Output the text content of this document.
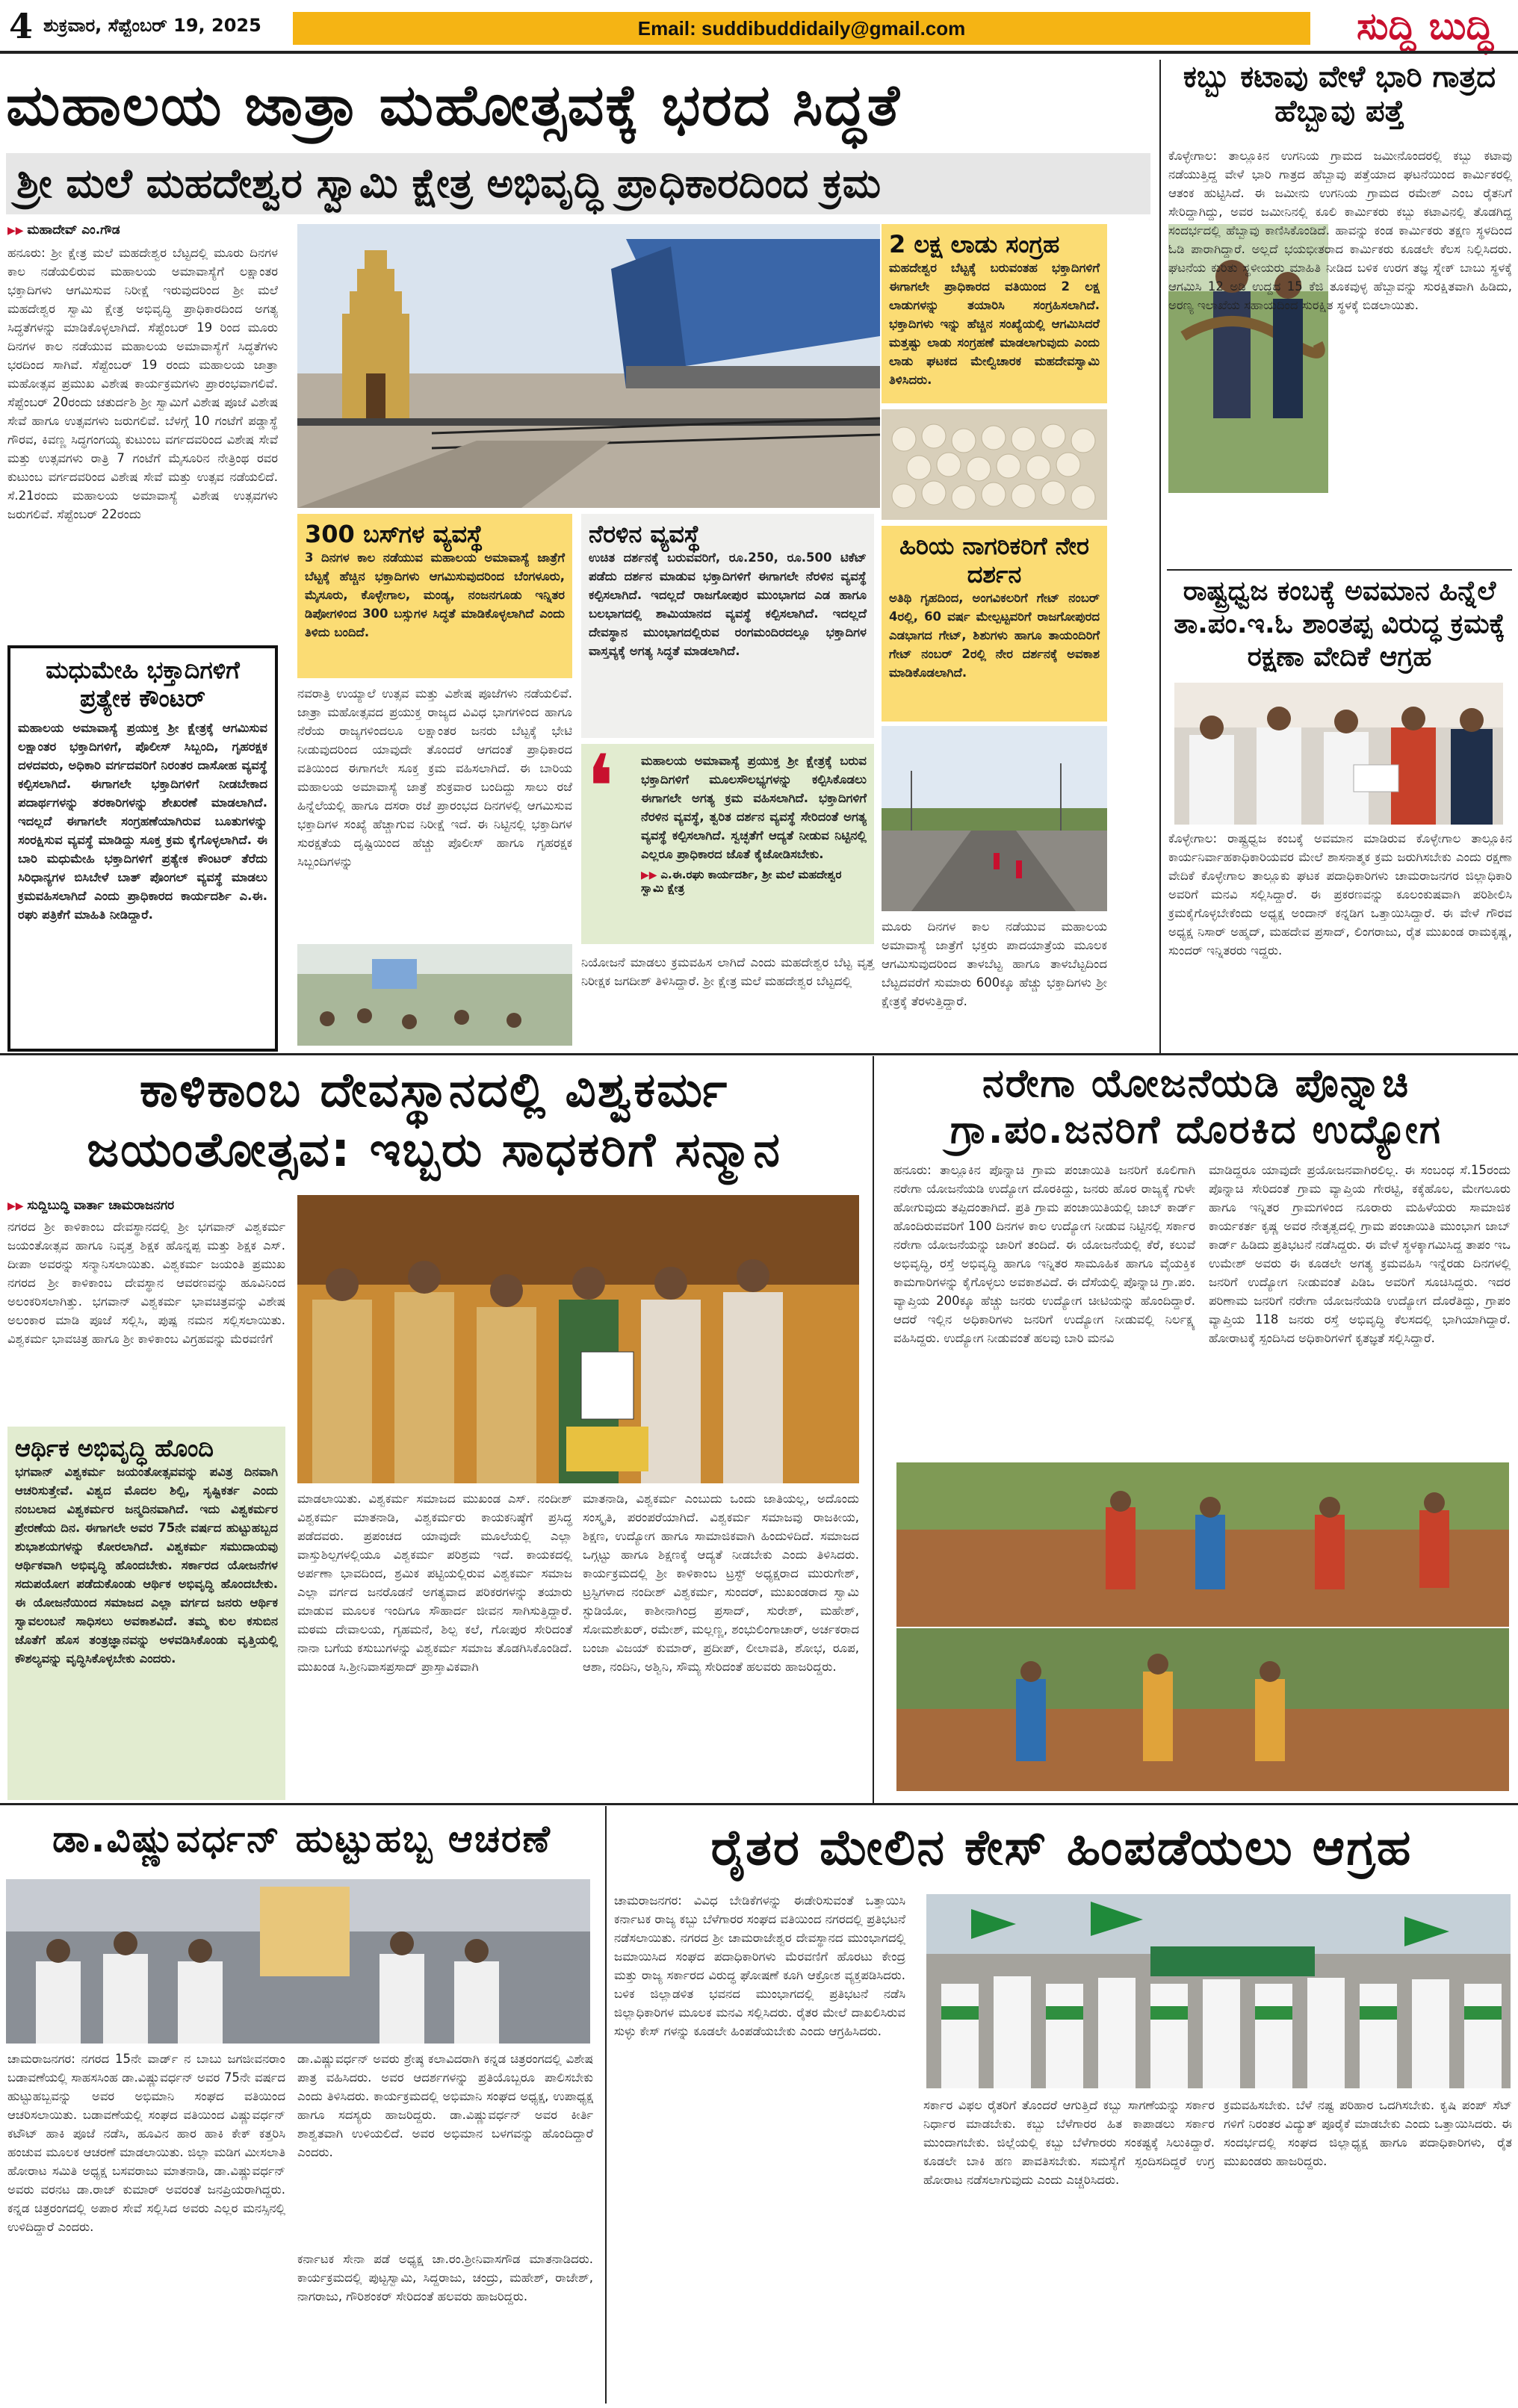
4 ಶುಕ್ರವಾರ, ಸೆಪ್ಟೆಂಬರ್ 19, 2025	Email: suddibuddidaily@gmail.com	ಸುದ್ದಿ ಬುದ್ಧಿ
ಮಹಾಲಯ ಜಾತ್ರಾ ಮಹೋತ್ಸವಕ್ಕೆ ಭರದ ಸಿದ್ಧತೆ
ಶ್ರೀ ಮಲೆ ಮಹದೇಶ್ವರ ಸ್ವಾಮಿ ಕ್ಷೇತ್ರ ಅಭಿವೃದ್ಧಿ ಪ್ರಾಧಿಕಾರದಿಂದ ಕ್ರಮ
▶▶ ಮಹಾದೇವ್ ಎಂ.ಗೌಡ
ಹನೂರು: ಶ್ರೀ ಕ್ಷೇತ್ರ ಮಲೆ ಮಹದೇಶ್ವರ ಬೆಟ್ಟದಲ್ಲಿ ಮೂರು ದಿನಗಳ ಕಾಲ ನಡೆಯಲಿರುವ ಮಹಾಲಯ ಅಮಾವಾಸ್ಯೆಗೆ ಲಕ್ಷಾಂತರ ಭಕ್ತಾದಿಗಳು ಆಗಮಿಸುವ ನಿರೀಕ್ಷೆ ಇರುವುದರಿಂದ ಶ್ರೀ ಮಲೆ ಮಹದೇಶ್ವರ ಸ್ವಾಮಿ ಕ್ಷೇತ್ರ ಅಭಿವೃದ್ಧಿ ಪ್ರಾಧಿಕಾರದಿಂದ ಅಗತ್ಯ ಸಿದ್ಧತೆಗಳನ್ನು ಮಾಡಿಕೊಳ್ಳಲಾಗಿದೆ. ಸೆಪ್ಟೆಂಬರ್ 19 ರಿಂದ ಮೂರು ದಿನಗಳ ಕಾಲ ನಡೆಯುವ ಮಹಾಲಯ ಅಮಾವಾಸ್ಯೆಗೆ ಸಿದ್ಧತೆಗಳು ಭರದಿಂದ ಸಾಗಿವೆ. ಸೆಪ್ಟೆಂಬರ್ 19 ರಂದು ಮಹಾಲಯ ಜಾತ್ರಾ ಮಹೋತ್ಸವ ಪ್ರಮುಖ ವಿಶೇಷ ಕಾರ್ಯಕ್ರಮಗಳು ಪ್ರಾರಂಭವಾಗಲಿವೆ. ಸೆಪ್ಟೆಂಬರ್ 20ರಂದು ಚತುರ್ದಶಿ ಶ್ರೀ ಸ್ವಾಮಿಗೆ ವಿಶೇಷ ಪೂಜೆ ವಿಶೇಷ ಸೇವೆ ಹಾಗೂ ಉತ್ಸವಗಳು ಜರುಗಲಿವೆ. ಬೆಳಗ್ಗೆ 10 ಗಂಟೆಗೆ ಪಡ್ಡಾಸ್ಥೆ ಗೌರವ, ಕಿವಣ್ಣ ಸಿದ್ಧಗಂಗಯ್ಯ ಕುಟುಂಬ ವರ್ಗದವರಿಂದ ವಿಶೇಷ ಸೇವೆ ಮತ್ತು ಉತ್ಸವಗಳು ರಾತ್ರಿ 7 ಗಂಟೆಗೆ ಮೈಸೂರಿನ ನೇತ್ರಿಂಥ ರವರ ಕುಟುಂಬ ವರ್ಗದವರಿಂದ ವಿಶೇಷ ಸೇವೆ ಮತ್ತು ಉತ್ಸವ ನಡೆಯಲಿದೆ. ಸೆ.21ರಂದು ಮಹಾಲಯ ಅಮಾವಾಸ್ಯೆ ವಿಶೇಷ ಉತ್ಸವಗಳು ಜರುಗಲಿವೆ. ಸೆಪ್ಟೆಂಬರ್ 22ರಂದು
ಮಧುಮೇಹಿ ಭಕ್ತಾದಿಗಳಿಗೆ ಪ್ರತ್ಯೇಕ ಕೌಂಟರ್
ಮಹಾಲಯ ಅಮಾವಾಸ್ಯೆ ಪ್ರಯುಕ್ತ ಶ್ರೀ ಕ್ಷೇತ್ರಕ್ಕೆ ಆಗಮಿಸುವ ಲಕ್ಷಾಂತರ ಭಕ್ತಾದಿಗಳಿಗೆ, ಪೊಲೀಸ್ ಸಿಬ್ಬಂದಿ, ಗೃಹರಕ್ಷಕ ದಳದವರು, ಅಧಿಕಾರಿ ವರ್ಗದವರಿಗೆ ನಿರಂತರ ದಾಸೋಹ ವ್ಯವಸ್ಥೆ ಕಲ್ಪಿಸಲಾಗಿದೆ. ಈಗಾಗಲೇ ಭಕ್ತಾದಿಗಳಿಗೆ ನೀಡಬೇಕಾದ ಪದಾರ್ಥಗಳನ್ನು ತರಕಾರಿಗಳನ್ನು ಶೇಖರಣೆ ಮಾಡಲಾಗಿದೆ. ಇದಲ್ಲದೆ ಈಗಾಗಲೇ ಸಂಗ್ರಹಣೆಯಾಗಿರುವ ಬೂತುಗಳನ್ನು ಸಂರಕ್ಷಿಸುವ ವ್ಯವಸ್ಥೆ ಮಾಡಿದ್ದು ಸೂಕ್ತ ಕ್ರಮ ಕೈಗೊಳ್ಳಲಾಗಿದೆ. ಈ ಬಾರಿ ಮಧುಮೇಹಿ ಭಕ್ತಾದಿಗಳಿಗೆ ಪ್ರತ್ಯೇಕ ಕೌಂಟರ್ ತೆರೆದು ಸಿರಿಧಾನ್ಯಗಳ ಬಿಸಿಬೇಳೆ ಬಾತ್ ಪೊಂಗಲ್ ವ್ಯವಸ್ಥೆ ಮಾಡಲು ಕ್ರಮವಹಿಸಲಾಗಿದೆ ಎಂದು ಪ್ರಾಧಿಕಾರದ ಕಾರ್ಯದರ್ಶಿ ಎ.ಈ. ರಘು ಪತ್ರಿಕೆಗೆ ಮಾಹಿತಿ ನೀಡಿದ್ದಾರೆ.
2 ಲಕ್ಷ ಲಾಡು ಸಂಗ್ರಹ
ಮಹದೇಶ್ವರ ಬೆಟ್ಟಕ್ಕೆ ಬರುವಂತಹ ಭಕ್ತಾದಿಗಳಿಗೆ ಈಗಾಗಲೇ ಪ್ರಾಧಿಕಾರದ ವತಿಯಿಂದ 2 ಲಕ್ಷ ಲಾಡುಗಳನ್ನು ತಯಾರಿಸಿ ಸಂಗ್ರಹಿಸಲಾಗಿದೆ. ಭಕ್ತಾದಿಗಳು ಇನ್ನು ಹೆಚ್ಚಿನ ಸಂಖ್ಯೆಯಲ್ಲಿ ಆಗಮಿಸಿದರೆ ಮತ್ತಷ್ಟು ಲಾಡು ಸಂಗ್ರಹಣೆ ಮಾಡಲಾಗುವುದು ಎಂದು ಲಾಡು ಘಟಕದ ಮೇಲ್ವಿಚಾರಕ ಮಹದೇವಸ್ವಾಮಿ ತಿಳಿಸಿದರು.
300 ಬಸ್‍ಗಳ ವ್ಯವಸ್ಥೆ
3 ದಿನಗಳ ಕಾಲ ನಡೆಯುವ ಮಹಾಲಯ ಅಮಾವಾಸ್ಯೆ ಜಾತ್ರೆಗೆ ಬೆಟ್ಟಕ್ಕೆ ಹೆಚ್ಚಿನ ಭಕ್ತಾದಿಗಳು ಆಗಮಿಸುವುದರಿಂದ ಬೆಂಗಳೂರು, ಮೈಸೂರು, ಕೊಳ್ಳೇಗಾಲ, ಮಂಡ್ಯ, ನಂಜನಗೂಡು ಇನ್ನಿತರ ಡಿಪೋಗಳಿಂದ 300 ಬಸ್ಸುಗಳ ಸಿದ್ಧತೆ ಮಾಡಿಕೊಳ್ಳಲಾಗಿದೆ ಎಂದು ತಿಳಿದು ಬಂದಿದೆ.
ನೆರಳಿನ ವ್ಯವಸ್ಥೆ
ಉಚಿತ ದರ್ಶನಕ್ಕೆ ಬರುವವರಿಗೆ, ರೂ.250, ರೂ.500 ಟಿಕೆಟ್ ಪಡೆದು ದರ್ಶನ ಮಾಡುವ ಭಕ್ತಾದಿಗಳಿಗೆ ಈಗಾಗಲೇ ನೆರಳಿನ ವ್ಯವಸ್ಥೆ ಕಲ್ಪಿಸಲಾಗಿದೆ. ಇದಲ್ಲದೆ ರಾಜಗೋಪುರ ಮುಂಭಾಗದ ಎಡ ಹಾಗೂ ಬಲಭಾಗದಲ್ಲಿ ಶಾಮಿಯಾನದ ವ್ಯವಸ್ಥೆ ಕಲ್ಪಿಸಲಾಗಿದೆ. ಇದಲ್ಲದೆ ದೇವಸ್ಥಾನ ಮುಂಭಾಗದಲ್ಲಿರುವ ರಂಗಮಂದಿರದಲ್ಲೂ ಭಕ್ತಾದಿಗಳ ವಾಸ್ತವ್ಯಕ್ಕೆ ಅಗತ್ಯ ಸಿದ್ಧತೆ ಮಾಡಲಾಗಿದೆ.
ಹಿರಿಯ ನಾಗರಿಕರಿಗೆ ನೇರ ದರ್ಶನ
ಅತಿಥಿ ಗೃಹದಿಂದ, ಅಂಗವಿಕಲರಿಗೆ ಗೇಟ್ ನಂಬರ್ 4ರಲ್ಲಿ, 60 ವರ್ಷ ಮೇಲ್ಪಟ್ಟವರಿಗೆ ರಾಜಗೋಪುರದ ಎಡಭಾಗದ ಗೇಟ್, ಶಿಶುಗಳು ಹಾಗೂ ತಾಯಂದಿರಿಗೆ ಗೇಟ್ ನಂಬರ್ 2ರಲ್ಲಿ ನೇರ ದರ್ಶನಕ್ಕೆ ಅವಕಾಶ ಮಾಡಿಕೊಡಲಾಗಿದೆ.
ನವರಾತ್ರಿ ಉಯ್ಯಾಲೆ ಉತ್ಸವ ಮತ್ತು ವಿಶೇಷ ಪೂಜೆಗಳು ನಡೆಯಲಿವೆ. ಜಾತ್ರಾ ಮಹೋತ್ಸವದ ಪ್ರಯುಕ್ತ ರಾಜ್ಯದ ವಿವಿಧ ಭಾಗಗಳಿಂದ ಹಾಗೂ ನೆರೆಯ ರಾಜ್ಯಗಳಿಂದಲೂ ಲಕ್ಷಾಂತರ ಜನರು ಬೆಟ್ಟಕ್ಕೆ ಭೇಟಿ ನೀಡುವುದರಿಂದ ಯಾವುದೇ ತೊಂದರೆ ಆಗದಂತೆ ಪ್ರಾಧಿಕಾರದ ವತಿಯಿಂದ ಈಗಾಗಲೇ ಸೂಕ್ತ ಕ್ರಮ ವಹಿಸಲಾಗಿದೆ. ಈ ಬಾರಿಯ ಮಹಾಲಯ ಅಮಾವಾಸ್ಯೆ ಜಾತ್ರೆ ಶುಕ್ರವಾರ ಬಂದಿದ್ದು ಸಾಲು ರಜೆ ಹಿನ್ನೆಲೆಯಲ್ಲಿ ಹಾಗೂ ದಸರಾ ರಜೆ ಪ್ರಾರಂಭದ ದಿನಗಳಲ್ಲಿ ಆಗಮಿಸುವ ಭಕ್ತಾದಿಗಳ ಸಂಖ್ಯೆ ಹೆಚ್ಚಾಗುವ ನಿರೀಕ್ಷೆ ಇದೆ. ಈ ನಿಟ್ಟಿನಲ್ಲಿ ಭಕ್ತಾದಿಗಳ ಸುರಕ್ಷತೆಯ ದೃಷ್ಟಿಯಿಂದ ಹೆಚ್ಚು ಪೊಲೀಸ್ ಹಾಗೂ ಗೃಹರಕ್ಷಕ ಸಿಬ್ಬಂದಿಗಳನ್ನು
❛ ಮಹಾಲಯ ಅಮಾವಾಸ್ಯೆ ಪ್ರಯುಕ್ತ ಶ್ರೀ ಕ್ಷೇತ್ರಕ್ಕೆ ಬರುವ ಭಕ್ತಾದಿಗಳಿಗೆ ಮೂಲಸೌಲಭ್ಯಗಳನ್ನು ಕಲ್ಪಿಸಿಕೊಡಲು ಈಗಾಗಲೇ ಅಗತ್ಯ ಕ್ರಮ ವಹಿಸಲಾಗಿದೆ. ಭಕ್ತಾದಿಗಳಿಗೆ ನೆರಳಿನ ವ್ಯವಸ್ಥೆ, ತ್ವರಿತ ದರ್ಶನ ವ್ಯವಸ್ಥೆ ಸೇರಿದಂತೆ ಅಗತ್ಯ ವ್ಯವಸ್ಥೆ ಕಲ್ಪಿಸಲಾಗಿದೆ. ಸ್ವಚ್ಛತೆಗೆ ಆದ್ಯತೆ ನೀಡುವ ನಿಟ್ಟಿನಲ್ಲಿ ಎಲ್ಲರೂ ಪ್ರಾಧಿಕಾರದ ಜೊತೆ ಕೈಜೋಡಿಸಬೇಕು.
▶▶ ಎ.ಈ.ರಘು ಕಾರ್ಯದರ್ಶಿ, ಶ್ರೀ ಮಲೆ ಮಹದೇಶ್ವರ ಸ್ವಾಮಿ ಕ್ಷೇತ್ರ
ನಿಯೋಜನೆ ಮಾಡಲು ಕ್ರಮವಹಿಸ ಲಾಗಿದೆ ಎಂದು ಮಹದೇಶ್ವರ ಬೆಟ್ಟ ವೃತ್ತ ನಿರೀಕ್ಷಕ ಜಗದೀಶ್ ತಿಳಿಸಿದ್ದಾರೆ. ಶ್ರೀ ಕ್ಷೇತ್ರ ಮಲೆ ಮಹದೇಶ್ವರ ಬೆಟ್ಟದಲ್ಲಿ
ಮೂರು ದಿನಗಳ ಕಾಲ ನಡೆಯುವ ಮಹಾಲಯ ಅಮಾವಾಸ್ಯೆ ಜಾತ್ರೆಗೆ ಭಕ್ತರು ಪಾದಯಾತ್ರೆಯ ಮೂಲಕ ಆಗಮಿಸುವುದರಿಂದ ತಾಳಬೆಟ್ಟ ಹಾಗೂ ತಾಳಬೆಟ್ಟದಿಂದ ಬೆಟ್ಟದವರೆಗೆ ಸುಮಾರು 600ಕ್ಕೂ ಹೆಚ್ಚು ಭಕ್ತಾದಿಗಳು ಶ್ರೀ ಕ್ಷೇತ್ರಕ್ಕೆ ತೆರಳುತ್ತಿದ್ದಾರೆ.
ಕಬ್ಬು ಕಟಾವು ವೇಳೆ ಭಾರಿ ಗಾತ್ರದ ಹೆಬ್ಬಾವು ಪತ್ತೆ
ಕೊಳ್ಳೇಗಾಲ: ತಾಲ್ಲೂಕಿನ ಉಗನಿಯ ಗ್ರಾಮದ ಜಮೀನೊಂದರಲ್ಲಿ ಕಬ್ಬು ಕಟಾವು ನಡೆಯುತ್ತಿದ್ದ ವೇಳೆ ಭಾರಿ ಗಾತ್ರದ ಹೆಬ್ಬಾವು ಪತ್ತೆಯಾದ ಘಟನೆಯಿಂದ ಕಾರ್ಮಿಕರಲ್ಲಿ ಆತಂಕ ಹುಟ್ಟಿಸಿದೆ. ಈ ಜಮೀನು ಉಗನಿಯ ಗ್ರಾಮದ ರಮೇಶ್ ಎಂಬ ರೈತನಿಗೆ ಸೇರಿದ್ದಾಗಿದ್ದು, ಅವರ ಜಮೀನಿನಲ್ಲಿ ಕೂಲಿ ಕಾರ್ಮಿಕರು ಕಬ್ಬು ಕಟಾವಿನಲ್ಲಿ ತೊಡಗಿದ್ದ ಸಂದರ್ಭದಲ್ಲಿ ಹೆಬ್ಬಾವು ಕಾಣಿಸಿಕೊಂಡಿದೆ. ಹಾವನ್ನು ಕಂಡ ಕಾರ್ಮಿಕರು ತಕ್ಷಣ ಸ್ಥಳದಿಂದ ಓಡಿ ಪಾರಾಗಿದ್ದಾರೆ. ಅಲ್ಲದೆ ಭಯಭೀತರಾದ ಕಾರ್ಮಿಕರು ಕೂಡಲೇ ಕೆಲಸ ನಿಲ್ಲಿಸಿದರು. ಘಟನೆಯ ಕುರಿತು ಸ್ಥಳೀಯರು ಮಾಹಿತಿ ನೀಡಿದ ಬಳಿಕ ಉರಗ ತಜ್ಞ ಸ್ನೇಕ್ ಬಾಬು ಸ್ಥಳಕ್ಕೆ ಆಗಮಿಸಿ 12 ಅಡಿ ಉದ್ದದ 15 ಕೆಜಿ ತೂಕವುಳ್ಳ ಹೆಬ್ಬಾವನ್ನು ಸುರಕ್ಷಿತವಾಗಿ ಹಿಡಿದು, ಅರಣ್ಯ ಇಲಾಖೆಯ ಸಹಾಯದಿಂದ ಸುರಕ್ಷಿತ ಸ್ಥಳಕ್ಕೆ ಬಿಡಲಾಯಿತು.
ರಾಷ್ಟ್ರಧ್ವಜ ಕಂಬಕ್ಕೆ ಅವಮಾನ ಹಿನ್ನೆಲೆ ತಾ.ಪಂ.ಇ.ಓ ಶಾಂತಪ್ಪ ವಿರುದ್ಧ ಕ್ರಮಕ್ಕೆ ರಕ್ಷಣಾ ವೇದಿಕೆ ಆಗ್ರಹ
ಕೊಳ್ಳೇಗಾಲ: ರಾಷ್ಟ್ರಧ್ವಜ ಕಂಬಕ್ಕೆ ಅವಮಾನ ಮಾಡಿರುವ ಕೊಳ್ಳೇಗಾಲ ತಾಲ್ಲೂಕಿನ ಕಾರ್ಯನಿರ್ವಾಹಕಾಧಿಕಾರಿಯವರ ಮೇಲೆ ಶಾಸನಾತ್ಮಕ ಕ್ರಮ ಜರುಗಿಸಬೇಕು ಎಂದು ರಕ್ಷಣಾ ವೇದಿಕೆ ಕೊಳ್ಳೇಗಾಲ ತಾಲ್ಲೂಕು ಘಟಕ ಪದಾಧಿಕಾರಿಗಳು ಚಾಮರಾಜನಗರ ಜಿಲ್ಲಾಧಿಕಾರಿ ಅವರಿಗೆ ಮನವಿ ಸಲ್ಲಿಸಿದ್ದಾರೆ. ಈ ಪ್ರಕರಣವನ್ನು ಕೂಲಂಕುಷವಾಗಿ ಪರಿಶೀಲಿಸಿ ಕ್ರಮಕೈಗೊಳ್ಳಬೇಕೆಂದು ಅಧ್ಯಕ್ಷ ಅಂದಾನ್ ಕನ್ನಡಿಗ ಒತ್ತಾಯಿಸಿದ್ದಾರೆ. ಈ ವೇಳೆ ಗೌರವ ಅಧ್ಯಕ್ಷ ನಿಸಾರ್ ಅಹ್ಮದ್, ಮಹದೇವ ಪ್ರಸಾದ್, ಲಿಂಗರಾಜು, ರೈತ ಮುಖಂಡ ರಾಮಕೃಷ್ಣ, ಸುಂದರ್ ಇನ್ನಿತರರು ಇದ್ದರು.
ಕಾಳಿಕಾಂಬ ದೇವಸ್ಥಾನದಲ್ಲಿ ವಿಶ್ವಕರ್ಮ ಜಯಂತೋತ್ಸವ: ಇಬ್ಬರು ಸಾಧಕರಿಗೆ ಸನ್ಮಾನ
▶▶ ಸುದ್ದಿಬುದ್ಧಿ ವಾರ್ತಾ ಚಾಮರಾಜನಗರ
ನಗರದ ಶ್ರೀ ಕಾಳಿಕಾಂಬ ದೇವಸ್ಥಾನದಲ್ಲಿ ಶ್ರೀ ಭಗವಾನ್ ವಿಶ್ವಕರ್ಮ ಜಯಂತೋತ್ಸವ ಹಾಗೂ ನಿವೃತ್ತ ಶಿಕ್ಷಕ ಹೊನ್ನಪ್ಪ ಮತ್ತು ಶಿಕ್ಷಕ ಎಸ್. ದೀಪಾ ಅವರನ್ನು ಸನ್ಮಾನಿಸಲಾಯಿತು. ವಿಶ್ವಕರ್ಮ ಜಯಂತಿ ಪ್ರಮುಖ ನಗರದ ಶ್ರೀ ಕಾಳಿಕಾಂಬ ದೇವಸ್ಥಾನ ಆವರಣವನ್ನು ಹೂವಿನಿಂದ ಅಲಂಕರಿಸಲಾಗಿತ್ತು. ಭಗವಾನ್ ವಿಶ್ವಕರ್ಮ ಭಾವಚಿತ್ರವನ್ನು ವಿಶೇಷ ಅಲಂಕಾರ ಮಾಡಿ ಪೂಜೆ ಸಲ್ಲಿಸಿ, ಪುಷ್ಪ ನಮನ ಸಲ್ಲಿಸಲಾಯಿತು. ವಿಶ್ವಕರ್ಮ ಭಾವಚಿತ್ರ ಹಾಗೂ ಶ್ರೀ ಕಾಳಿಕಾಂಬ ವಿಗ್ರಹವನ್ನು ಮೆರವಣಿಗೆ
ಆರ್ಥಿಕ ಅಭಿವೃದ್ಧಿ ಹೊಂದಿ
ಭಗವಾನ್ ವಿಶ್ವಕರ್ಮ ಜಯಂತೋತ್ಸವವನ್ನು ಪವಿತ್ರ ದಿನವಾಗಿ ಆಚರಿಸುತ್ತೇವೆ. ವಿಶ್ವದ ಮೊದಲ ಶಿಲ್ಪಿ, ಸೃಷ್ಟಿಕರ್ತ ಎಂದು ನಂಬಲಾದ ವಿಶ್ವಕರ್ಮರ ಜನ್ಮದಿನವಾಗಿದೆ. ಇದು ವಿಶ್ವಕರ್ಮರ ಪ್ರೇರಣೆಯ ದಿನ. ಈಗಾಗಲೇ ಅವರ 75ನೇ ವರ್ಷದ ಹುಟ್ಟುಹಬ್ಬದ ಶುಭಾಶಯಗಳನ್ನು ಕೋರಲಾಗಿದೆ. ವಿಶ್ವಕರ್ಮ ಸಮುದಾಯವು ಆರ್ಥಿಕವಾಗಿ ಅಭಿವೃದ್ಧಿ ಹೊಂದಬೇಕು. ಸರ್ಕಾರದ ಯೋಜನೆಗಳ ಸದುಪಯೋಗ ಪಡೆದುಕೊಂಡು ಆರ್ಥಿಕ ಅಭಿವೃದ್ಧಿ ಹೊಂದಬೇಕು. ಈ ಯೋಜನೆಯಿಂದ ಸಮಾಜದ ಎಲ್ಲಾ ವರ್ಗದ ಜನರು ಆರ್ಥಿಕ ಸ್ವಾವಲಂಬನೆ ಸಾಧಿಸಲು ಅವಕಾಶವಿದೆ. ತಮ್ಮ ಕುಲ ಕಸುಬಿನ ಜೊತೆಗೆ ಹೊಸ ತಂತ್ರಜ್ಞಾನವನ್ನು ಅಳವಡಿಸಿಕೊಂಡು ವೃತ್ತಿಯಲ್ಲಿ ಕೌಶಲ್ಯವನ್ನು ವೃದ್ಧಿಸಿಕೊಳ್ಳಬೇಕು ಎಂದರು.
ಮಾಡಲಾಯಿತು. ವಿಶ್ವಕರ್ಮ ಸಮಾಜದ ಮುಖಂಡ ಎಸ್. ನಂದೀಶ್ ವಿಶ್ವಕರ್ಮ ಮಾತನಾಡಿ, ವಿಶ್ವಕರ್ಮರು ಕಾಯಕನಿಷ್ಠೆಗೆ ಪ್ರಸಿದ್ಧ ಪಡೆದವರು. ಪ್ರಪಂಚದ ಯಾವುದೇ ಮೂಲೆಯಲ್ಲಿ ಎಲ್ಲಾ ವಾಸ್ತುಶಿಲ್ಪಗಳಲ್ಲಿಯೂ ವಿಶ್ವಕರ್ಮ ಪರಿಶ್ರಮ ಇದೆ. ಕಾಯಕದಲ್ಲಿ ಅರ್ಪಣಾ ಭಾವದಿಂದ, ಶ್ರಮಿಕ ಪಟ್ಟಿಯಲ್ಲಿರುವ ವಿಶ್ವಕರ್ಮ ಸಮಾಜ ಎಲ್ಲಾ ವರ್ಗದ ಜನರೊಡನೆ ಅಗತ್ಯವಾದ ಪರಿಕರಗಳನ್ನು ತಯಾರು ಮಾಡುವ ಮೂಲಕ ಇಂದಿಗೂ ಸೌಹಾರ್ದ ಜೀವನ ಸಾಗಿಸುತ್ತಿದ್ದಾರೆ. ಮಠಮ ದೇವಾಲಯ, ಗೃಹಮನೆ, ಶಿಲ್ಪ ಕಲೆ, ಗೋಪುರ ಸೇರಿದಂತೆ ನಾನಾ ಬಗೆಯ ಕಸುಬುಗಳನ್ನು ವಿಶ್ವಕರ್ಮ ಸಮಾಜ ತೊಡಗಿಸಿಕೊಂಡಿದೆ. ಮುಖಂಡ ಸಿ.ಶ್ರೀನಿವಾಸಪ್ರಸಾದ್ ಪ್ರಾಸ್ತಾವಿಕವಾಗಿ
ಮಾತನಾಡಿ, ವಿಶ್ವಕರ್ಮ ಎಂಬುದು ಒಂದು ಜಾತಿಯಲ್ಲ, ಅದೊಂದು ಸಂಸ್ಕೃತಿ, ಪರಂಪರೆಯಾಗಿದೆ. ವಿಶ್ವಕರ್ಮ ಸಮಾಜವು ರಾಜಕೀಯ, ಶಿಕ್ಷಣ, ಉದ್ಯೋಗ ಹಾಗೂ ಸಾಮಾಜಿಕವಾಗಿ ಹಿಂದುಳಿದಿದೆ. ಸಮಾಜದ ಒಗ್ಗಟ್ಟು ಹಾಗೂ ಶಿಕ್ಷಣಕ್ಕೆ ಆದ್ಯತೆ ನೀಡಬೇಕು ಎಂದು ತಿಳಿಸಿದರು. ಕಾರ್ಯಕ್ರಮದಲ್ಲಿ ಶ್ರೀ ಕಾಳಿಕಾಂಬ ಟ್ರಸ್ಟ್ ಅಧ್ಯಕ್ಷರಾದ ಮುರುಗೇಶ್, ಟ್ರಸ್ಟಿಗಳಾದ ನಂದೀಶ್ ವಿಶ್ವಕರ್ಮ, ಸುಂದರ್, ಮುಖಂಡರಾದ ಸ್ವಾಮಿ ಸ್ಟುಡಿಯೋ, ಕಾಶೀನಾಗಿಂದ್ರ ಪ್ರಸಾದ್, ಸುರೇಶ್, ಮಹೇಶ್, ಸೋಮಶೇಖರ್, ರಮೇಶ್, ಮಲ್ಲಣ್ಣ, ಶಂಭುಲಿಂಗಾಚಾರ್, ಅರ್ಚಕರಾದ ಬಂಜಾ ವಿಜಯ್ ಕುಮಾರ್, ಪ್ರದೀಪ್, ಲೀಲಾವತಿ, ಶೋಭ, ರೂಪ, ಆಶಾ, ನಂದಿನಿ, ಅಶ್ವಿನಿ, ಸೌಮ್ಯ ಸೇರಿದಂತೆ ಹಲವರು ಹಾಜರಿದ್ದರು.
ನರೇಗಾ ಯೋಜನೆಯಡಿ ಪೊನ್ನಾಚಿ ಗ್ರಾ.ಪಂ.ಜನರಿಗೆ ದೊರಕಿದ ಉದ್ಯೋಗ
ಹನೂರು: ತಾಲ್ಲೂಕಿನ ಪೊನ್ನಾಚಿ ಗ್ರಾಮ ಪಂಚಾಯಿತಿ ಜನರಿಗೆ ಕೂಲಿಗಾಗಿ ನರೇಗಾ ಯೋಜನೆಯಡಿ ಉದ್ಯೋಗ ದೊರಕಿದ್ದು, ಜನರು ಹೊರ ರಾಜ್ಯಕ್ಕೆ ಗುಳೇ ಹೋಗುವುದು ತಪ್ಪಿದಂತಾಗಿದೆ. ಪ್ರತಿ ಗ್ರಾಮ ಪಂಚಾಯಿತಿಯಲ್ಲಿ ಜಾಬ್ ಕಾರ್ಡ್ ಹೊಂದಿರುವವರಿಗೆ 100 ದಿನಗಳ ಕಾಲ ಉದ್ಯೋಗ ನೀಡುವ ನಿಟ್ಟಿನಲ್ಲಿ ಸರ್ಕಾರ ನರೇಗಾ ಯೋಜನೆಯನ್ನು ಜಾರಿಗೆ ತಂದಿದೆ. ಈ ಯೋಜನೆಯಲ್ಲಿ ಕೆರೆ, ಕಲುವೆ ಅಭಿವೃದ್ಧಿ, ರಸ್ತೆ ಅಭಿವೃದ್ಧಿ ಹಾಗೂ ಇನ್ನಿತರ ಸಾಮೂಹಿಕ ಹಾಗೂ ವೈಯಕ್ತಿಕ ಕಾಮಗಾರಿಗಳನ್ನು ಕೈಗೊಳ್ಳಲು ಅವಕಾಶವಿದೆ. ಈ ದೆಸೆಯಲ್ಲಿ ಪೊನ್ನಾಚಿ ಗ್ರಾ.ಪಂ. ವ್ಯಾಪ್ತಿಯ 200ಕ್ಕೂ ಹೆಚ್ಚು ಜನರು ಉದ್ಯೋಗ ಚೀಟಿಯನ್ನು ಹೊಂದಿದ್ದಾರೆ. ಆದರೆ ಇಲ್ಲಿನ ಅಧಿಕಾರಿಗಳು ಜನರಿಗೆ ಉದ್ಯೋಗ ನೀಡುವಲ್ಲಿ ನಿರ್ಲಕ್ಷ್ಯ ವಹಿಸಿದ್ದರು. ಉದ್ಯೋಗ ನೀಡುವಂತೆ ಹಲವು ಬಾರಿ ಮನವಿ
ಮಾಡಿದ್ದರೂ ಯಾವುದೇ ಪ್ರಯೋಜನವಾಗಿರಲಿಲ್ಲ. ಈ ಸಂಬಂಧ ಸೆ.15ರಂದು ಪೊನ್ನಾಚಿ ಸೇರಿದಂತೆ ಗ್ರಾಮ ವ್ಯಾಪ್ತಿಯ ಗೇರಟ್ಟಿ, ಕಕ್ಕೆಹೊಲ, ಮೇಗಲೂರು ಹಾಗೂ ಇನ್ನಿತರ ಗ್ರಾಮಗಳಿಂದ ನೂರಾರು ಮಹಿಳೆಯರು ಸಾಮಾಜಿಕ ಕಾರ್ಯಕರ್ತ ಕೃಷ್ಣ ಅವರ ನೇತೃತ್ವದಲ್ಲಿ ಗ್ರಾಮ ಪಂಚಾಯಿತಿ ಮುಂಭಾಗ ಜಾಬ್ ಕಾರ್ಡ್ ಹಿಡಿದು ಪ್ರತಿಭಟನೆ ನಡೆಸಿದ್ದರು. ಈ ವೇಳೆ ಸ್ಥಳಕ್ಕಾಗಮಿಸಿದ್ದ ತಾಪಂ ಇಒ ಉಮೇಶ್ ಅವರು ಈ ಕೂಡಲೇ ಅಗತ್ಯ ಕ್ರಮವಹಿಸಿ ಇನ್ನೆರಡು ದಿನಗಳಲ್ಲಿ ಜನರಿಗೆ ಉದ್ಯೋಗ ನೀಡುವಂತೆ ಪಿಡಿಒ ಅವರಿಗೆ ಸೂಚಿಸಿದ್ದರು. ಇದರ ಪರಿಣಾಮ ಜನರಿಗೆ ನರೇಗಾ ಯೋಜನೆಯಡಿ ಉದ್ಯೋಗ ದೊರೆತಿದ್ದು, ಗ್ರಾಪಂ ವ್ಯಾಪ್ತಿಯ 118 ಜನರು ರಸ್ತೆ ಅಭಿವೃದ್ಧಿ ಕೆಲಸದಲ್ಲಿ ಭಾಗಿಯಾಗಿದ್ದಾರೆ. ಹೋರಾಟಕ್ಕೆ ಸ್ಪಂದಿಸಿದ ಅಧಿಕಾರಿಗಳಿಗೆ ಕೃತಜ್ಞತೆ ಸಲ್ಲಿಸಿದ್ದಾರೆ.
ಡಾ.ವಿಷ್ಣುವರ್ಧನ್ ಹುಟ್ಟುಹಬ್ಬ ಆಚರಣೆ
ಚಾಮರಾಜನಗರ: ನಗರದ 15ನೇ ವಾರ್ಡ್ ನ ಬಾಬು ಜಗಜೀವನರಾಂ ಬಡಾವಣೆಯಲ್ಲಿ ಸಾಹಸಸಿಂಹ ಡಾ.ವಿಷ್ಣುವರ್ಧನ್ ಅವರ 75ನೇ ವರ್ಷದ ಹುಟ್ಟುಹಬ್ಬವನ್ನು ಅವರ ಅಭಿಮಾನಿ ಸಂಘದ ವತಿಯಿಂದ ಆಚರಿಸಲಾಯಿತು. ಬಡಾವಣೆಯಲ್ಲಿ ಸಂಘದ ವತಿಯಿಂದ ವಿಷ್ಣುವರ್ಧನ್ ಕಟೌಟ್ ಹಾಕಿ ಪೂಜೆ ನಡೆಸಿ, ಹೂವಿನ ಹಾರ ಹಾಕಿ ಕೇಕ್ ಕತ್ತರಿಸಿ ಹಂಚುವ ಮೂಲಕ ಆಚರಣೆ ಮಾಡಲಾಯಿತು. ಜಿಲ್ಲಾ ಮಡಿಗ ಮೀಸಲಾತಿ ಹೋರಾಟ ಸಮಿತಿ ಅಧ್ಯಕ್ಷ ಬಸವರಾಜು ಮಾತನಾಡಿ, ಡಾ.ವಿಷ್ಣುವರ್ಧನ್ ಅವರು ವರನಟ ಡಾ.ರಾಜ್ ಕುಮಾರ್ ಅವರಂತೆ ಜನಪ್ರಿಯರಾಗಿದ್ದರು. ಕನ್ನಡ ಚಿತ್ರರಂಗದಲ್ಲಿ ಅಪಾರ ಸೇವೆ ಸಲ್ಲಿಸಿದ ಅವರು ಎಲ್ಲರ ಮನಸ್ಸಿನಲ್ಲಿ ಉಳಿದಿದ್ದಾರೆ ಎಂದರು.
ಡಾ.ವಿಷ್ಣುವರ್ಧನ್ ಅವರು ಶ್ರೇಷ್ಠ ಕಲಾವಿದರಾಗಿ ಕನ್ನಡ ಚಿತ್ರರಂಗದಲ್ಲಿ ವಿಶೇಷ ಪಾತ್ರ ವಹಿಸಿದರು. ಅವರ ಆದರ್ಶಗಳನ್ನು ಪ್ರತಿಯೊಬ್ಬರೂ ಪಾಲಿಸಬೇಕು ಎಂದು ತಿಳಿಸಿದರು. ಕಾರ್ಯಕ್ರಮದಲ್ಲಿ ಅಭಿಮಾನಿ ಸಂಘದ ಅಧ್ಯಕ್ಷ, ಉಪಾಧ್ಯಕ್ಷ ಹಾಗೂ ಸದಸ್ಯರು ಹಾಜರಿದ್ದರು. ಡಾ.ವಿಷ್ಣುವರ್ಧನ್ ಅವರ ಕೀರ್ತಿ ಶಾಶ್ವತವಾಗಿ ಉಳಿಯಲಿದೆ. ಅವರ ಅಭಿಮಾನ ಬಳಗವನ್ನು ಹೊಂದಿದ್ದಾರೆ ಎಂದರು.
ಕರ್ನಾಟಕ ಸೇನಾ ಪಡೆ ಅಧ್ಯಕ್ಷ ಚಾ.ರಂ.ಶ್ರೀನಿವಾಸಗೌಡ ಮಾತನಾಡಿದರು. ಕಾರ್ಯಕ್ರಮದಲ್ಲಿ ಪುಟ್ಟಸ್ವಾಮಿ, ಸಿದ್ದರಾಜು, ಚಂದ್ರು, ಮಹೇಶ್, ರಾಜೇಶ್, ನಾಗರಾಜು, ಗೌರಿಶಂಕರ್ ಸೇರಿದಂತೆ ಹಲವರು ಹಾಜರಿದ್ದರು.
ರೈತರ ಮೇಲಿನ ಕೇಸ್ ಹಿಂಪಡೆಯಲು ಆಗ್ರಹ
ಚಾಮರಾಜನಗರ: ವಿವಿಧ ಬೇಡಿಕೆಗಳನ್ನು ಈಡೇರಿಸುವಂತೆ ಒತ್ತಾಯಿಸಿ ಕರ್ನಾಟಕ ರಾಜ್ಯ ಕಬ್ಬು ಬೆಳೆಗಾರರ ಸಂಘದ ವತಿಯಿಂದ ನಗರದಲ್ಲಿ ಪ್ರತಿಭಟನೆ ನಡೆಸಲಾಯಿತು. ನಗರದ ಶ್ರೀ ಚಾಮರಾಜೇಶ್ವರ ದೇವಸ್ಥಾನದ ಮುಂಭಾಗದಲ್ಲಿ ಜಮಾಯಿಸಿದ ಸಂಘದ ಪದಾಧಿಕಾರಿಗಳು ಮೆರವಣಿಗೆ ಹೊರಟು ಕೇಂದ್ರ ಮತ್ತು ರಾಜ್ಯ ಸರ್ಕಾರದ ವಿರುದ್ಧ ಘೋಷಣೆ ಕೂಗಿ ಆಕ್ರೋಶ ವ್ಯಕ್ತಪಡಿಸಿದರು. ಬಳಿಕ ಜಿಲ್ಲಾಡಳಿತ ಭವನದ ಮುಂಭಾಗದಲ್ಲಿ ಪ್ರತಿಭಟನೆ ನಡೆಸಿ ಜಿಲ್ಲಾಧಿಕಾರಿಗಳ ಮೂಲಕ ಮನವಿ ಸಲ್ಲಿಸಿದರು. ರೈತರ ಮೇಲೆ ದಾಖಲಿಸಿರುವ ಸುಳ್ಳು ಕೇಸ್ ಗಳನ್ನು ಕೂಡಲೇ ಹಿಂಪಡೆಯಬೇಕು ಎಂದು ಆಗ್ರಹಿಸಿದರು.
ಸರ್ಕಾರ ವಿಫಲ ರೈತರಿಗೆ ತೊಂದರೆ ಆಗುತ್ತಿದೆ ಕಬ್ಬು ಸಾಗಣೆಯನ್ನು ಸರ್ಕಾರ ನಿರ್ಧಾರ ಮಾಡಬೇಕು. ಕಬ್ಬು ಬೆಳೆಗಾರರ ಹಿತ ಕಾಪಾಡಲು ಸರ್ಕಾರ ಮುಂದಾಗಬೇಕು. ಜಿಲ್ಲೆಯಲ್ಲಿ ಕಬ್ಬು ಬೆಳೆಗಾರರು ಸಂಕಷ್ಟಕ್ಕೆ ಸಿಲುಕಿದ್ದಾರೆ. ಕೂಡಲೇ ಬಾಕಿ ಹಣ ಪಾವತಿಸಬೇಕು. ಸಮಸ್ಯೆಗೆ ಸ್ಪಂದಿಸದಿದ್ದರೆ ಉಗ್ರ ಹೋರಾಟ ನಡೆಸಲಾಗುವುದು ಎಂದು ಎಚ್ಚರಿಸಿದರು.
ಕ್ರಮವಹಿಸಬೇಕು. ಬೆಳೆ ನಷ್ಟ ಪರಿಹಾರ ಒದಗಿಸಬೇಕು. ಕೃಷಿ ಪಂಪ್ ಸೆಟ್ ಗಳಿಗೆ ನಿರಂತರ ವಿದ್ಯುತ್ ಪೂರೈಕೆ ಮಾಡಬೇಕು ಎಂದು ಒತ್ತಾಯಿಸಿದರು. ಈ ಸಂದರ್ಭದಲ್ಲಿ ಸಂಘದ ಜಿಲ್ಲಾಧ್ಯಕ್ಷ ಹಾಗೂ ಪದಾಧಿಕಾರಿಗಳು, ರೈತ ಮುಖಂಡರು ಹಾಜರಿದ್ದರು.
